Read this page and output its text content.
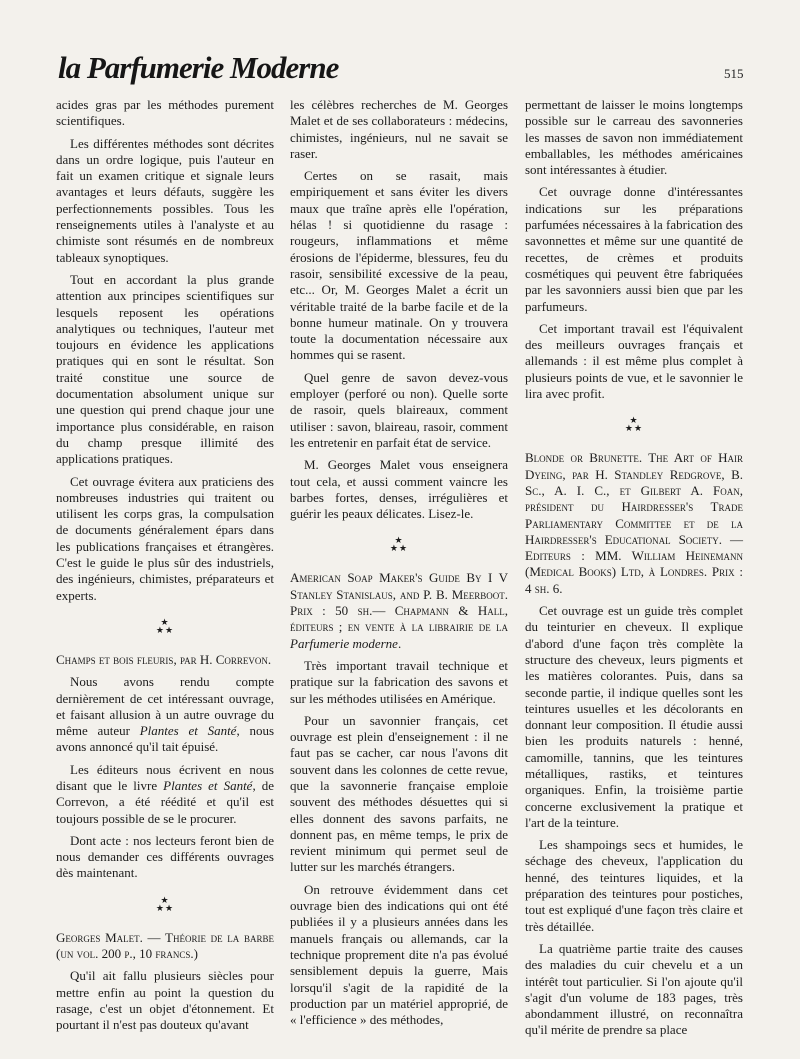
la Parfumerie Moderne	515

acides gras par les méthodes purement scientifiques.

Les différentes méthodes sont décrites dans un ordre logique, puis l'auteur en fait un examen critique et signale leurs avantages et leurs défauts, suggère les perfectionnements possibles. Tous les renseignements utiles à l'analyste et au chimiste sont résumés en de nombreux tableaux synoptiques.

Tout en accordant la plus grande attention aux principes scientifiques sur lesquels reposent les opérations analytiques ou techniques, l'auteur met toujours en évidence les applications pratiques qui en sont le résultat. Son traité constitue une source de documentation absolument unique sur une question qui prend chaque jour une importance plus considérable, en raison du champ presque illimité des applications pratiques.

Cet ouvrage évitera aux praticiens des nombreuses industries qui traitent ou utilisent les corps gras, la compulsation de documents généralement épars dans les publications françaises et étrangères. C'est le guide le plus sûr des industriels, des ingénieurs, chimistes, préparateurs et experts.

★
★★

Champs et bois fleuris, par H. Correvon.

Nous avons rendu compte dernièrement de cet intéressant ouvrage, et faisant allusion à un autre ouvrage du même auteur Plantes et Santé, nous avons annoncé qu'il tait épuisé.

Les éditeurs nous écrivent en nous disant que le livre Plantes et Santé, de Correvon, a été réédité et qu'il est toujours possible de se le procurer.

Dont acte : nos lecteurs feront bien de nous demander ces différents ouvrages dès maintenant.

★
★★

Georges Malet. — Théorie de la barbe (un vol. 200 p., 10 francs.)

Qu'il ait fallu plusieurs siècles pour mettre enfin au point la question du rasage, c'est un objet d'étonnement. Et pourtant il n'est pas douteux qu'avant

les célèbres recherches de M. Georges Malet et de ses collaborateurs : médecins, chimistes, ingénieurs, nul ne savait se raser.

Certes on se rasait, mais empiriquement et sans éviter les divers maux que traîne après elle l'opération, hélas ! si quotidienne du rasage : rougeurs, inflammations et même érosions de l'épiderme, blessures, feu du rasoir, sensibilité excessive de la peau, etc... Or, M. Georges Malet a écrit un véritable traité de la barbe facile et de la bonne humeur matinale. On y trouvera toute la documentation nécessaire aux hommes qui se rasent.

Quel genre de savon devez-vous employer (perforé ou non). Quelle sorte de rasoir, quels blaireaux, comment utiliser : savon, blaireau, rasoir, comment les entretenir en parfait état de service.

M. Georges Malet vous enseignera tout cela, et aussi comment vaincre les barbes fortes, denses, irrégulières et guérir les peaux délicates. Lisez-le.

★
★★

American Soap Maker's Guide By I V Stanley Stanislaus, and P. B. Meerboot. Prix : 50 sh.— Chapmann & Hall, éditeurs ; en vente à la librairie de la Parfumerie moderne.

Très important travail technique et pratique sur la fabrication des savons et sur les méthodes utilisées en Amérique.

Pour un savonnier français, cet ouvrage est plein d'enseignement : il ne faut pas se cacher, car nous l'avons dit souvent dans les colonnes de cette revue, que la savonnerie française emploie souvent des méthodes désuettes qui si elles donnent des savons parfaits, ne donnent pas, en même temps, le prix de revient minimum qui permet seul de lutter sur les marchés étrangers.

On retrouve évidemment dans cet ouvrage bien des indications qui ont été publiées il y a plusieurs années dans les manuels français ou allemands, car la technique proprement dite n'a pas évolué sensiblement depuis la guerre, Mais lorsqu'il s'agit de la rapidité de la production par un matériel approprié, de « l'efficience » des méthodes,

permettant de laisser le moins longtemps possible sur le carreau des savonneries les masses de savon non immédiatement emballables, les méthodes américaines sont intéressantes à étudier.

Cet ouvrage donne d'intéressantes indications sur les préparations parfumées nécessaires à la fabrication des savonnettes et même sur une quantité de recettes, de crèmes et produits cosmétiques qui peuvent être fabriquées par les savonniers aussi bien que par les parfumeurs.

Cet important travail est l'équivalent des meilleurs ouvrages français et allemands : il est même plus complet à plusieurs points de vue, et le savonnier le lira avec profit.

★
★★

Blonde or Brunette. The Art of Hair Dyeing, par H. Standley Redgrove, B. Sc., A. I. C., et Gilbert A. Foan, président du Hairdresser's Trade Parliamentary Committee et de la Hairdresser's Educational Society. — Editeurs : MM. William Heinemann (Medical Books) Ltd, à Londres. Prix : 4 sh. 6.

Cet ouvrage est un guide très complet du teinturier en cheveux. Il explique d'abord d'une façon très complète la structure des cheveux, leurs pigments et les matières colorantes. Puis, dans sa seconde partie, il indique quelles sont les teintures usuelles et les décolorants en donnant leur composition. Il étudie aussi bien les produits naturels : henné, camomille, tannins, que les teintures métalliques, rastiks, et teintures organiques. Enfin, la troisième partie concerne exclusivement la pratique et l'art de la teinture.

Les shampoings secs et humides, le séchage des cheveux, l'application du henné, des teintures liquides, et la préparation des teintures pour postiches, tout est expliqué d'une façon très claire et très détaillée.

La quatrième partie traite des causes des maladies du cuir chevelu et a un intérêt tout particulier. Si l'on ajoute qu'il s'agit d'un volume de 183 pages, très abondamment illustré, on reconnaîtra qu'il mérite de prendre sa place
